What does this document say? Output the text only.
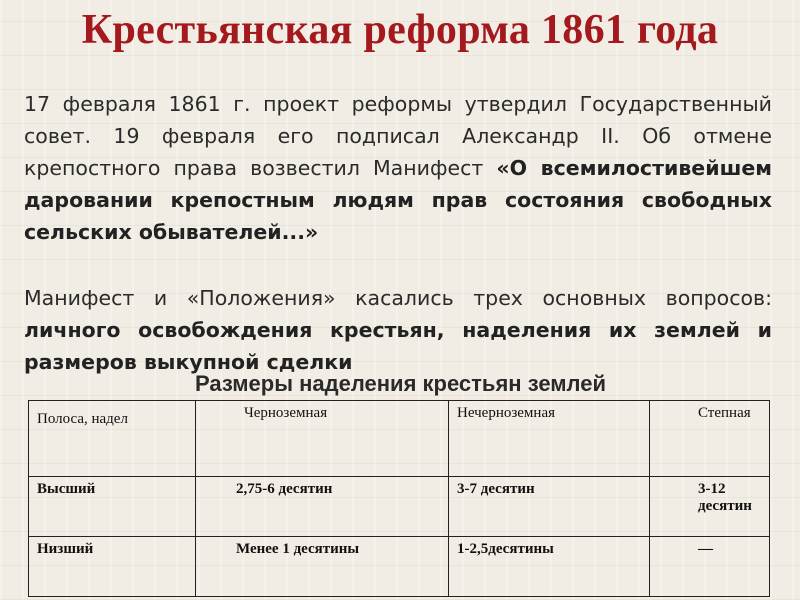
Крестьянская реформа 1861 года
17 февраля 1861 г. проект реформы утвердил Государственный совет. 19 февраля его подписал Александр II. Об отмене крепостного права возвестил Манифест «О всемилостивейшем даровании крепостным людям прав состояния свободных сельских обывателей...»
Манифест и «Положения» касались трех основных вопросов: личного освобождения крестьян, наделения их землей и размеров выкупной сделки
Размеры наделения крестьян землей
Полоса, надел	Черноземная	Нечерноземная	Степная
Высший	2,75-6 десятин	3-7 десятин	3-12 десятин
Низший	Менее 1 десятины	1-2,5десятины	—
